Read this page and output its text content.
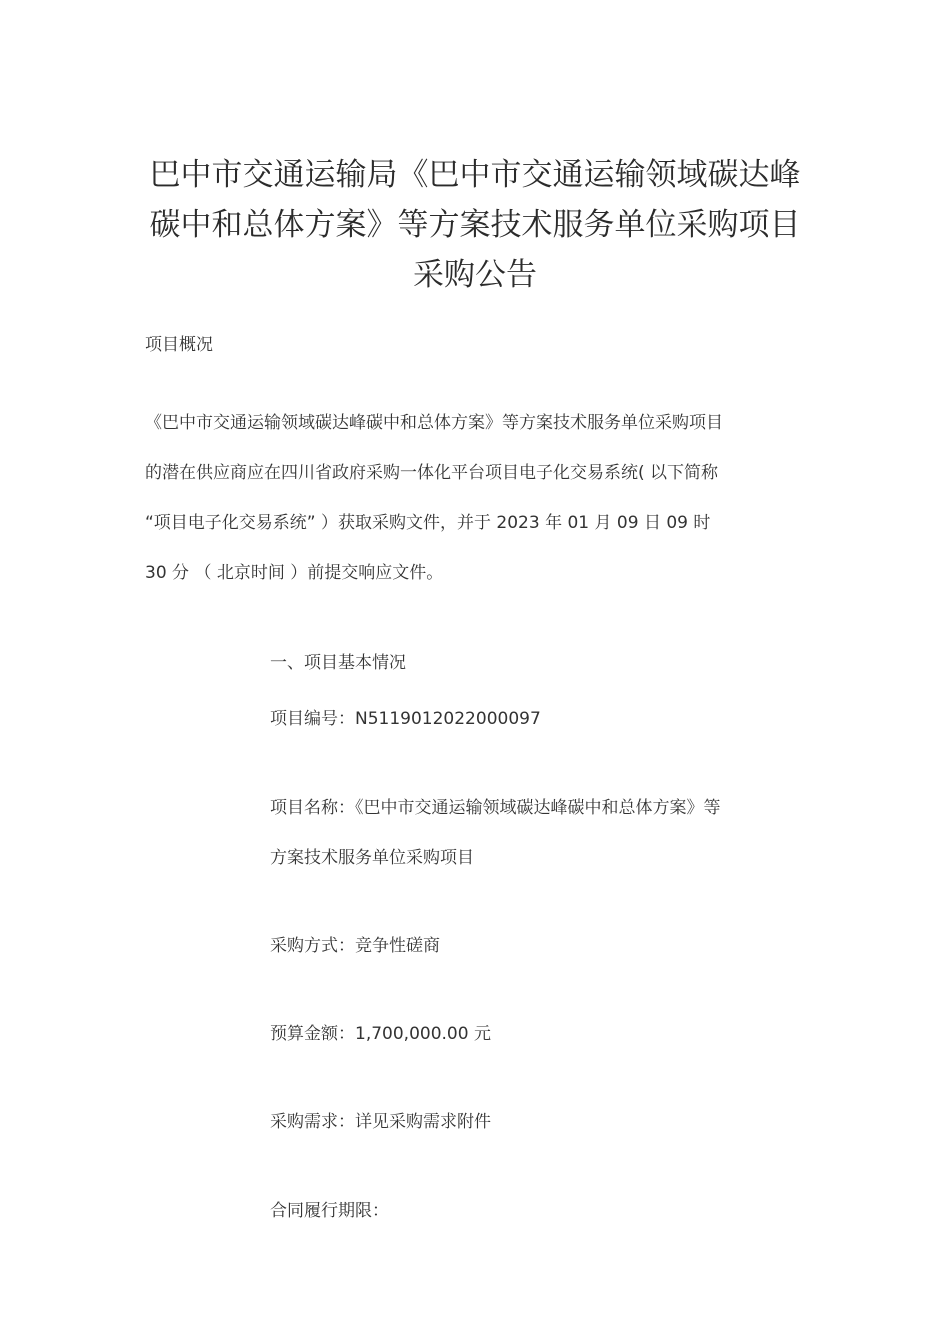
巴中市交通运输局《巴中市交通运输领域碳达峰
碳中和总体方案》等方案技术服务单位采购项目
采购公告

项目概况

《巴中市交通运输领域碳达峰碳中和总体方案》等方案技术服务单位采购项目
的潜在供应商应在四川省政府采购一体化平台项目电子化交易系统( 以下简称
“项目电子化交易系统” ）获取采购文件，并于 2023 年 01 月 09 日 09 时
30 分 （ 北京时间 ）前提交响应文件。

一、项目基本情况

项目编号：N5119012022000097

项目名称：《巴中市交通运输领域碳达峰碳中和总体方案》等
方案技术服务单位采购项目

采购方式：竞争性磋商

预算金额：1,700,000.00 元

采购需求：详见采购需求附件

合同履行期限：
